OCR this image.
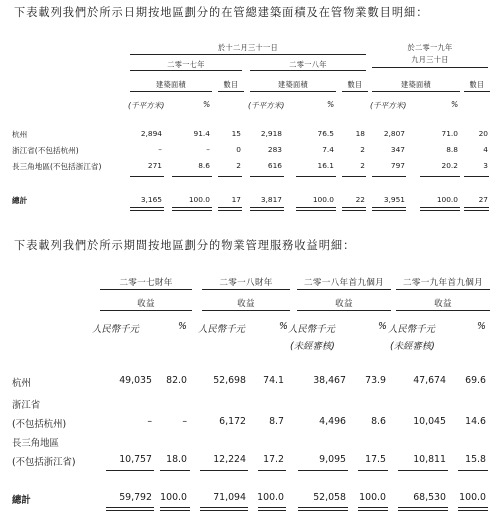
下表載列我們於所示日期按地區劃分的在管總建築面積及在管物業數目明細：
於十二月三十一日	於二零一九年
九月三十日
二零一七年	二零一八年
建築面積	數目	建築面積	數目	建築面積	數目
(千平方米)	%	(千平方米)	%	(千平方米)	%
杭州	2,894	91.4	15	2,918	76.5	18	2,807	71.0	20
浙江省(不包括杭州)	–	–	0	283	7.4	2	347	8.8	4
長三角地區(不包括浙江省)	271	8.6	2	616	16.1	2	797	20.2	3
總計	3,165	100.0	17	3,817	100.0	22	3,951	100.0	27
下表載列我們於所示期間按地區劃分的物業管理服務收益明細：
二零一七財年	二零一八財年	二零一八年首九個月	二零一九年首九個月
收益	收益	收益	收益
人民幣千元	% 人民幣千元	% 人民幣千元	% 人民幣千元	%
(未經審核)	(未經審核)
杭州	49,035	82.0	52,698	74.1	38,467	73.9	47,674	69.6
浙江省
(不包括杭州)	–	–	6,172	8.7	4,496	8.6	10,045	14.6
長三角地區
(不包括浙江省)	10,757	18.0	12,224	17.2	9,095	17.5	10,811	15.8
總計	59,792 100.0	71,094	100.0	52,058	100.0	68,530	100.0
